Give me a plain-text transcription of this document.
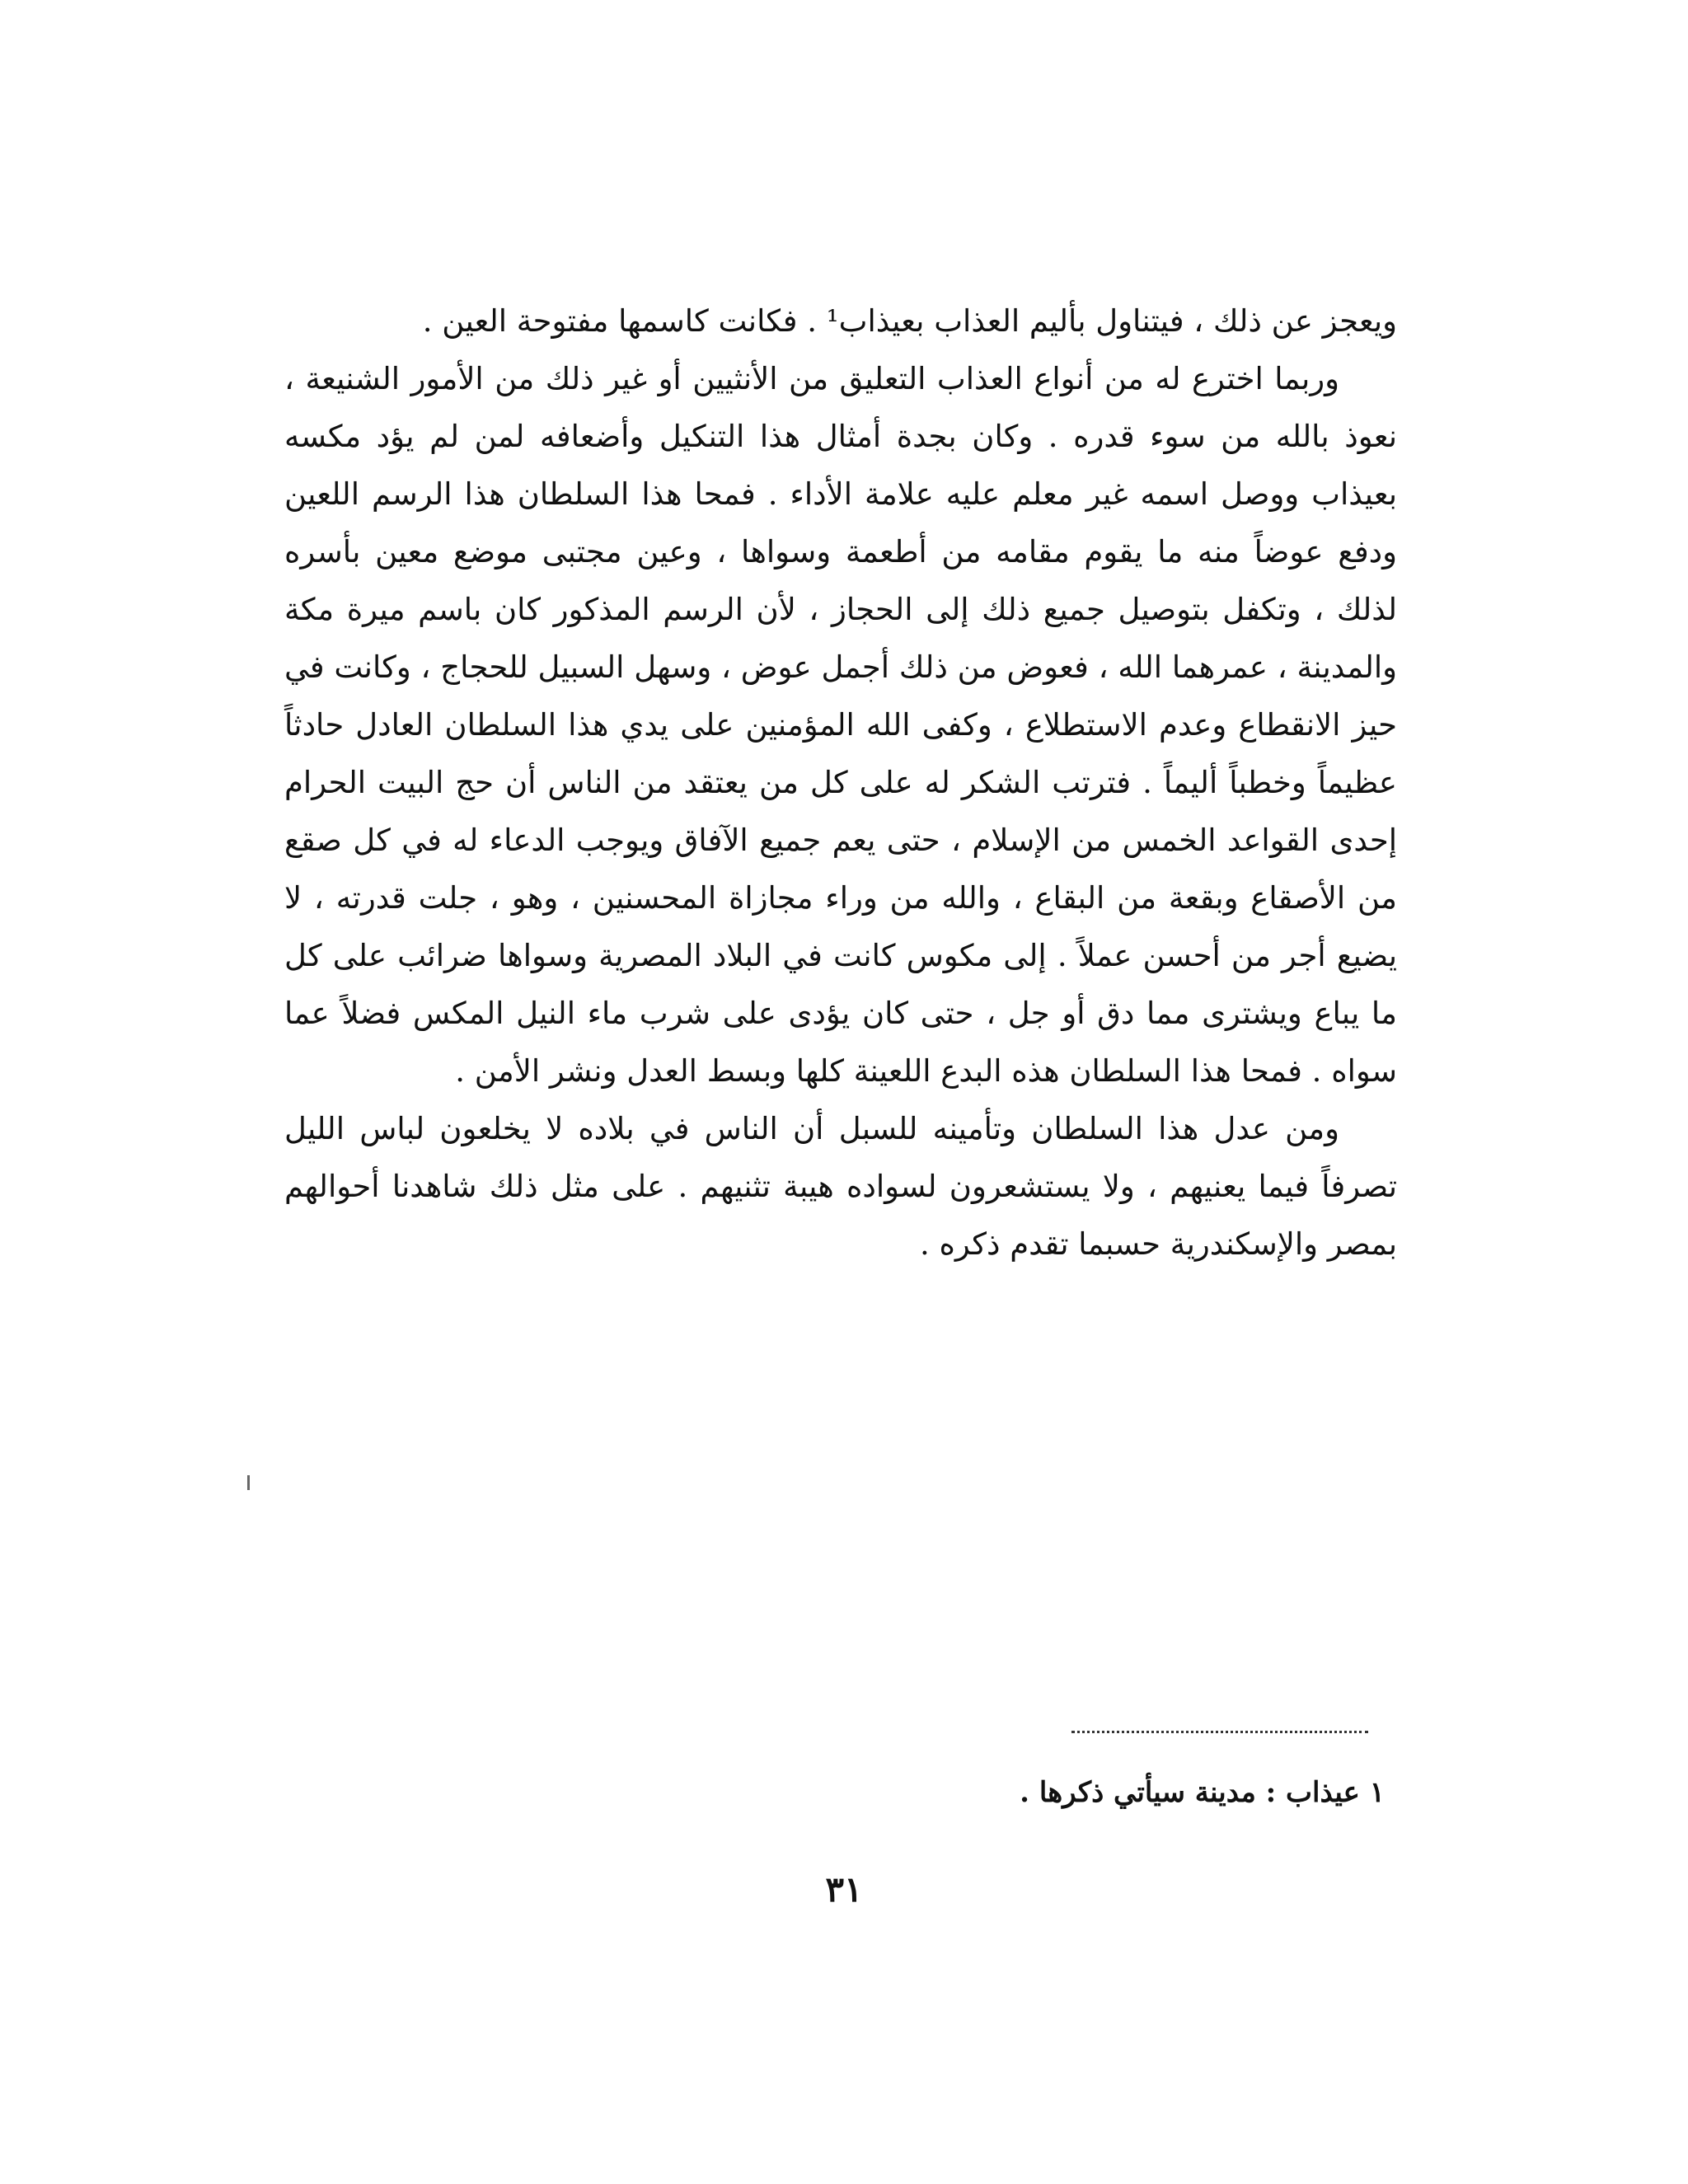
ويعجز عن ذلك ، فيتناول بأليم العذاب بعيذاب¹ . فكانت كاسمها مفتوحة العين .

وربما اخترع له من أنواع العذاب التعليق من الأنثيين أو غير ذلك من الأمور الشنيعة ، نعوذ بالله من سوء قدره . وكان بجدة أمثال هذا التنكيل وأضعافه لمن لم يؤد مكسه بعيذاب ووصل اسمه غير معلم عليه علامة الأداء . فمحا هذا السلطان هذا الرسم اللعين ودفع عوضاً منه ما يقوم مقامه من أطعمة وسواها ، وعين مجتبى موضع معين بأسره لذلك ، وتكفل بتوصيل جميع ذلك إلى الحجاز ، لأن الرسم المذكور كان باسم ميرة مكة والمدينة ، عمرهما الله ، فعوض من ذلك أجمل عوض ، وسهل السبيل للحجاج ، وكانت في حيز الانقطاع وعدم الاستطلاع ، وكفى الله المؤمنين على يدي هذا السلطان العادل حادثاً عظيماً وخطباً أليماً . فترتب الشكر له على كل من يعتقد من الناس أن حج البيت الحرام إحدى القواعد الخمس من الإسلام ، حتى يعم جميع الآفاق ويوجب الدعاء له في كل صقع من الأصقاع وبقعة من البقاع ، والله من وراء مجازاة المحسنين ، وهو ، جلت قدرته ، لا يضيع أجر من أحسن عملاً . إلى مكوس كانت في البلاد المصرية وسواها ضرائب على كل ما يباع ويشترى مما دق أو جل ، حتى كان يؤدى على شرب ماء النيل المكس فضلاً عما سواه . فمحا هذا السلطان هذه البدع اللعينة كلها وبسط العدل ونشر الأمن .

ومن عدل هذا السلطان وتأمينه للسبل أن الناس في بلاده لا يخلعون لباس الليل تصرفاً فيما يعنيهم ، ولا يستشعرون لسواده هيبة تثنيهم . على مثل ذلك شاهدنا أحوالهم بمصر والإسكندرية حسبما تقدم ذكره .

١ عيذاب : مدينة سيأتي ذكرها .
٣١
